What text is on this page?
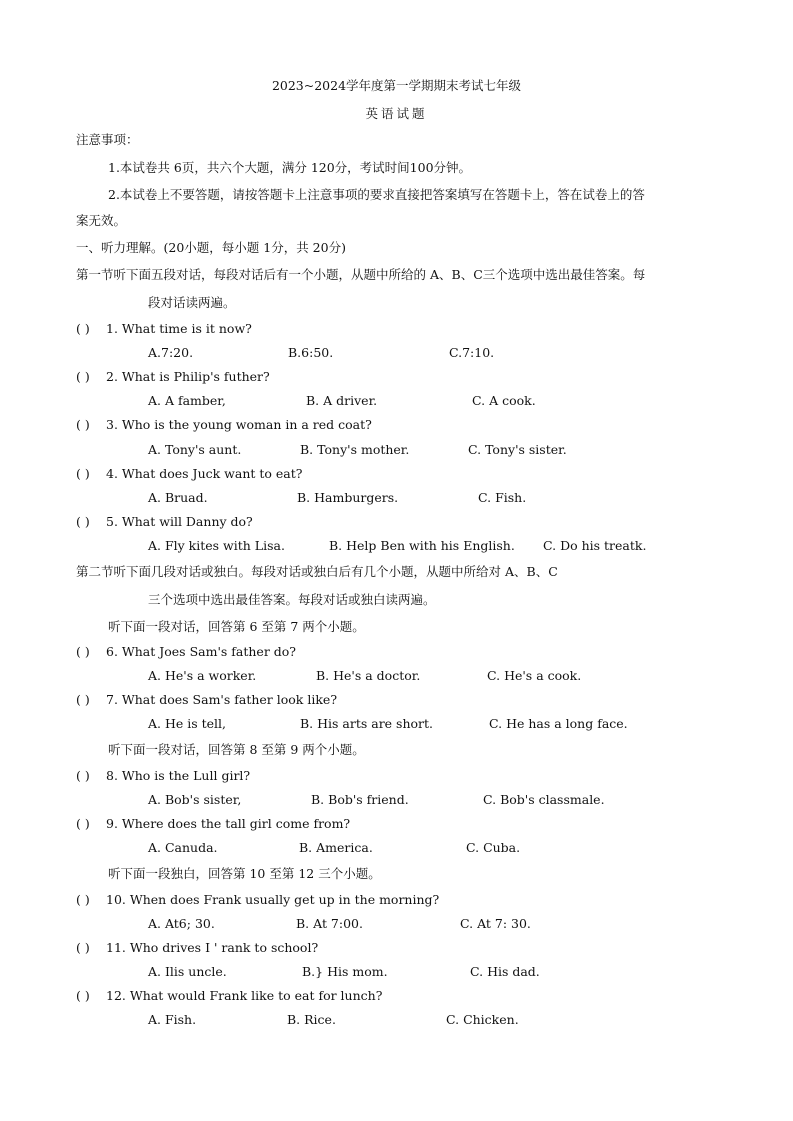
2023~2024学年度第一学期期末考试七年级
英语试题
注意事项：
1.本试卷共 6页，共六个大题，满分 120分，考试时间100分钟。
2.本试卷上不要答题，请按答题卡上注意事项的要求直接把答案填写在答题卡上，答在试卷上的答
案无效。
一、听力理解。(20小题，每小题 1分，共 20分)
第一节听下面五段对话，每段对话后有一个小题，从题中所给的 A、B、C三个选项中选出最佳答案。每
段对话读两遍。
( ) 1. What time is it now?
A.7:20.	B.6:50.	C.7:10.
( ) 2. What is Philip's futher?
A. A famber,	B. A driver.	C. A cook.
( ) 3. Who is the young woman in a red coat?
A. Tony's aunt.	B. Tony's mother.	C. Tony's sister.
( ) 4. What does Juck want to eat?
A. Bruad.	B. Hamburgers.	C. Fish.
( ) 5. What will Danny do?
A. Fly kites with Lisa.	B. Help Ben with his English. C. Do his treatk.
第二节听下面几段对话或独白。每段对话或独白后有几个小题，从题中所给对 A、B、C
三个选项中选出最佳答案。每段对话或独白读两遍。
听下面一段对话，回答第 6 至第 7 两个小题。
( ) 6. What Joes Sam's father do?
A. He's a worker.	B. He's a doctor.	C. He's a cook.
( ) 7. What does Sam's father look like?
A. He is tell,	B. His arts are short.	C. He has a long face.
听下面一段对话，回答第 8 至第 9 两个小题。
( ) 8. Who is the Lull girl?
A. Bob's sister,	B. Bob's friend.	C. Bob's classmale.
( ) 9. Where does the tall girl come from?
A. Canuda.	B. America.	C. Cuba.
听下面一段独白，回答第 10 至第 12 三个小题。
( ) 10. When does Frank usually get up in the morning?
A. At6; 30.	B. At 7:00.	C. At 7: 30.
( ) 11. Who drives I ' rank to school?
A. Ilis uncle.	B.} His mom.	C. His dad.
( ) 12. What would Frank like to eat for lunch?
A. Fish.	B. Rice.	C. Chicken.
